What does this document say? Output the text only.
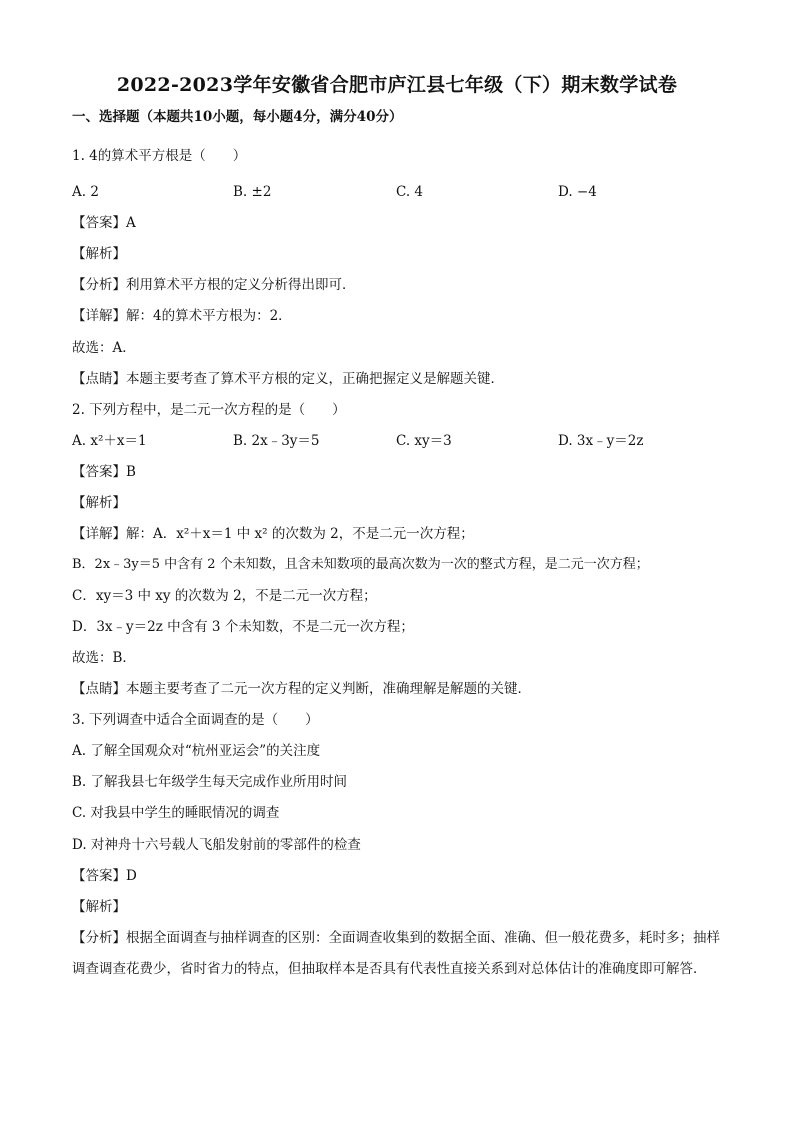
2022-2023学年安徽省合肥市庐江县七年级（下）期末数学试卷
一、选择题（本题共10小题，每小题4分，满分40分）
1. 4的算术平方根是（　　）
A. 2	B. ±2	C. 4	D. −4
【答案】A
【解析】
【分析】利用算术平方根的定义分析得出即可．
【详解】解：4的算术平方根为：2．
故选：A．
【点睛】本题主要考查了算术平方根的定义，正确把握定义是解题关键．
2. 下列方程中，是二元一次方程的是（　　）
A. x²＋x＝1	B. 2x﹣3y＝5	C. xy＝3	D. 3x﹣y＝2z
【答案】B
【解析】
【详解】解：A．x²＋x＝1 中 x² 的次数为 2，不是二元一次方程；
B．2x﹣3y＝5 中含有 2 个未知数，且含未知数项的最高次数为一次的整式方程，是二元一次方程；
C．xy＝3 中 xy 的次数为 2，不是二元一次方程；
D．3x﹣y＝2z 中含有 3 个未知数，不是二元一次方程；
故选：B．
【点睛】本题主要考查了二元一次方程的定义判断，准确理解是解题的关键．
3. 下列调查中适合全面调查的是（　　）
A. 了解全国观众对“杭州亚运会”的关注度
B. 了解我县七年级学生每天完成作业所用时间
C. 对我县中学生的睡眠情况的调查
D. 对神舟十六号载人飞船发射前的零部件的检查
【答案】D
【解析】
【分析】根据全面调查与抽样调查的区别：全面调查收集到的数据全面、准确、但一般花费多，耗时多；抽样调查调查花费少，省时省力的特点，但抽取样本是否具有代表性直接关系到对总体估计的准确度即可解答．
